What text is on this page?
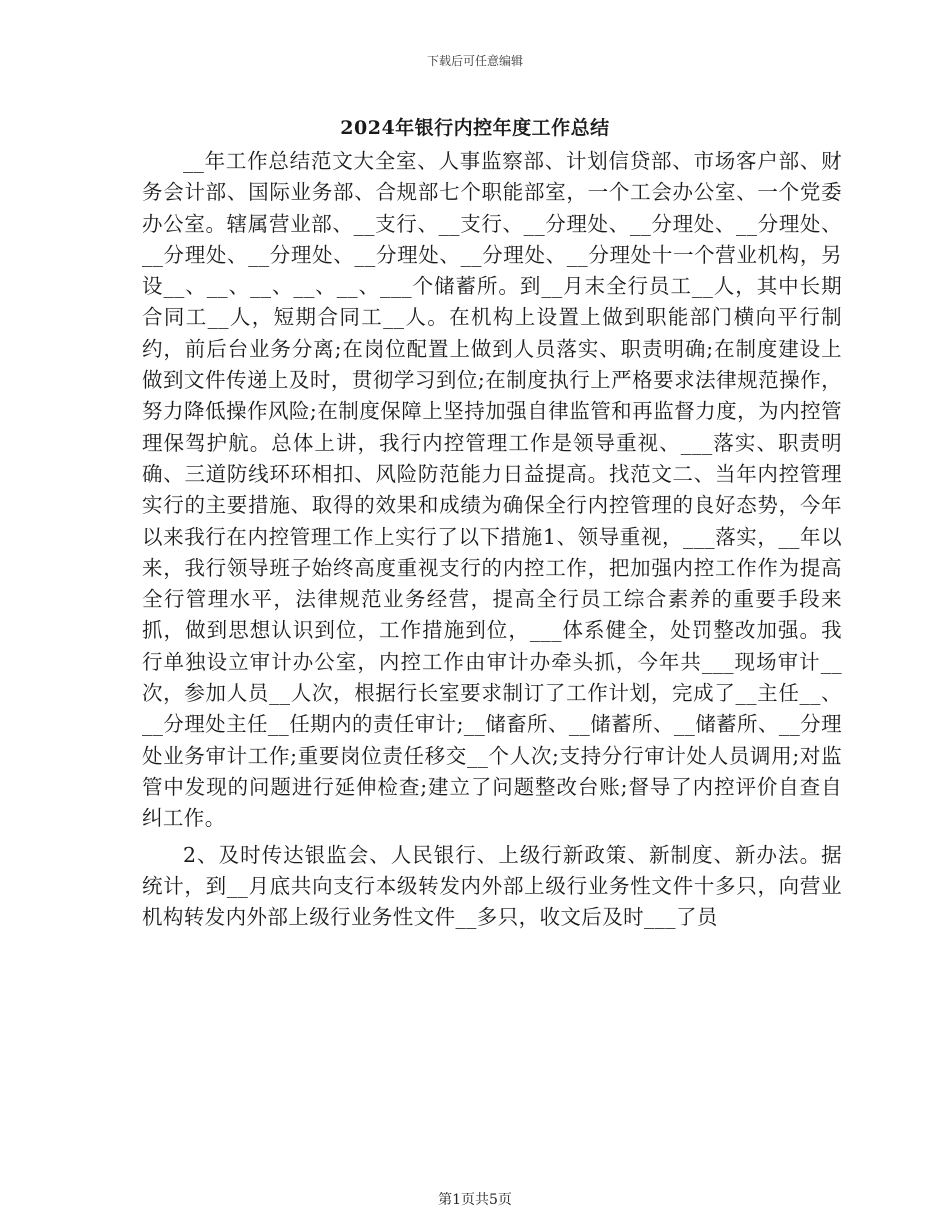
下载后可任意编辑
2024年银行内控年度工作总结

__年工作总结范文大全室、人事监察部、计划信贷部、市场客户部、财务会计部、国际业务部、合规部七个职能部室，一个工会办公室、一个党委办公室。辖属营业部、__支行、__支行、__分理处、__分理处、__分理处、__分理处、__分理处、__分理处、__分理处、__分理处十一个营业机构，另设__、__、__、__、__、___个储蓄所。到__月末全行员工__人，其中长期合同工__人，短期合同工__人。在机构上设置上做到职能部门横向平行制约，前后台业务分离;在岗位配置上做到人员落实、职责明确;在制度建设上做到文件传递上及时，贯彻学习到位;在制度执行上严格要求法律规范操作，努力降低操作风险;在制度保障上坚持加强自律监管和再监督力度，为内控管理保驾护航。总体上讲，我行内控管理工作是领导重视、___落实、职责明确、三道防线环环相扣、风险防范能力日益提高。找范文二、当年内控管理实行的主要措施、取得的效果和成绩为确保全行内控管理的良好态势，今年以来我行在内控管理工作上实行了以下措施1、领导重视，___落实，__年以来，我行领导班子始终高度重视支行的内控工作，把加强内控工作作为提高全行管理水平，法律规范业务经营，提高全行员工综合素养的重要手段来抓，做到思想认识到位，工作措施到位，___体系健全，处罚整改加强。我行单独设立审计办公室，内控工作由审计办牵头抓，今年共___现场审计__次，参加人员__人次，根据行长室要求制订了工作计划，完成了__主任__、__分理处主任__任期内的责任审计;__储畜所、__储蓄所、__储蓄所、__分理处业务审计工作;重要岗位责任移交__个人次;支持分行审计处人员调用;对监管中发现的问题进行延伸检查;建立了问题整改台账;督导了内控评价自查自纠工作。

2、及时传达银监会、人民银行、上级行新政策、新制度、新办法。据统计，到__月底共向支行本级转发内外部上级行业务性文件十多只，向营业机构转发内外部上级行业务性文件__多只，收文后及时___了员

第1页共5页
